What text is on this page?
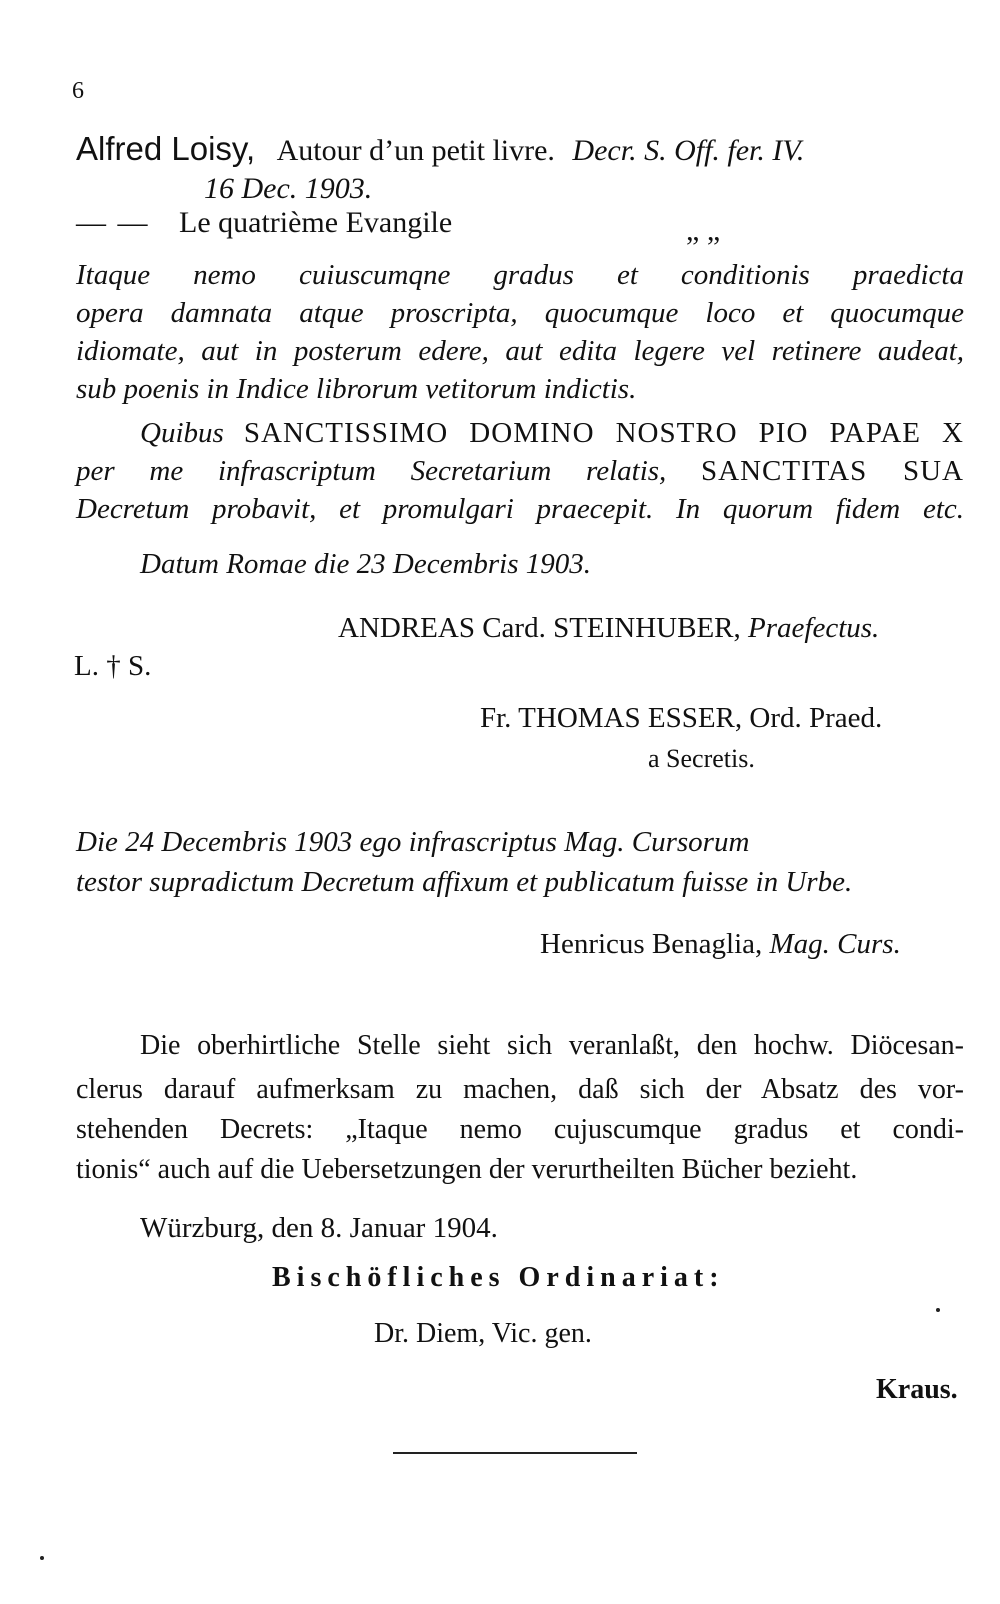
6
Alfred Loisy, Autour d’un petit livre. Decr. S. Off. fer. IV.
16 Dec. 1903.
— — Le quatrième Evangile	„ „
Itaque nemo cuiuscumqne gradus et conditionis praedicta
opera damnata atque proscripta, quocumque loco et quocumque
idiomate, aut in posterum edere, aut edita legere vel retinere audeat,
sub poenis in Indice librorum vetitorum indictis.
Quibus SANCTISSIMO DOMINO NOSTRO PIO PAPAE X
per me infrascriptum Secretarium relatis, SANCTITAS SUA
Decretum probavit, et promulgari praecepit. In quorum fidem etc.
Datum Romae die 23 Decembris 1903.
ANDREAS Card. STEINHUBER, Praefectus.
L. † S.
Fr. THOMAS ESSER, Ord. Praed.
a Secretis.
Die 24 Decembris 1903 ego infrascriptus Mag. Cursorum
testor supradictum Decretum affixum et publicatum fuisse in Urbe.
Henricus Benaglia, Mag. Curs.
Die oberhirtliche Stelle sieht sich veranlaßt, den hochw. Diöcesan-
clerus darauf aufmerksam zu machen, daß sich der Absatz des vor-
stehenden Decrets: „Itaque nemo cujuscumque gradus et condi-
tionis“ auch auf die Uebersetzungen der verurtheilten Bücher bezieht.
Würzburg, den 8. Januar 1904.
Bischöfliches Ordinariat:
Dr. Diem, Vic. gen.
Kraus.
